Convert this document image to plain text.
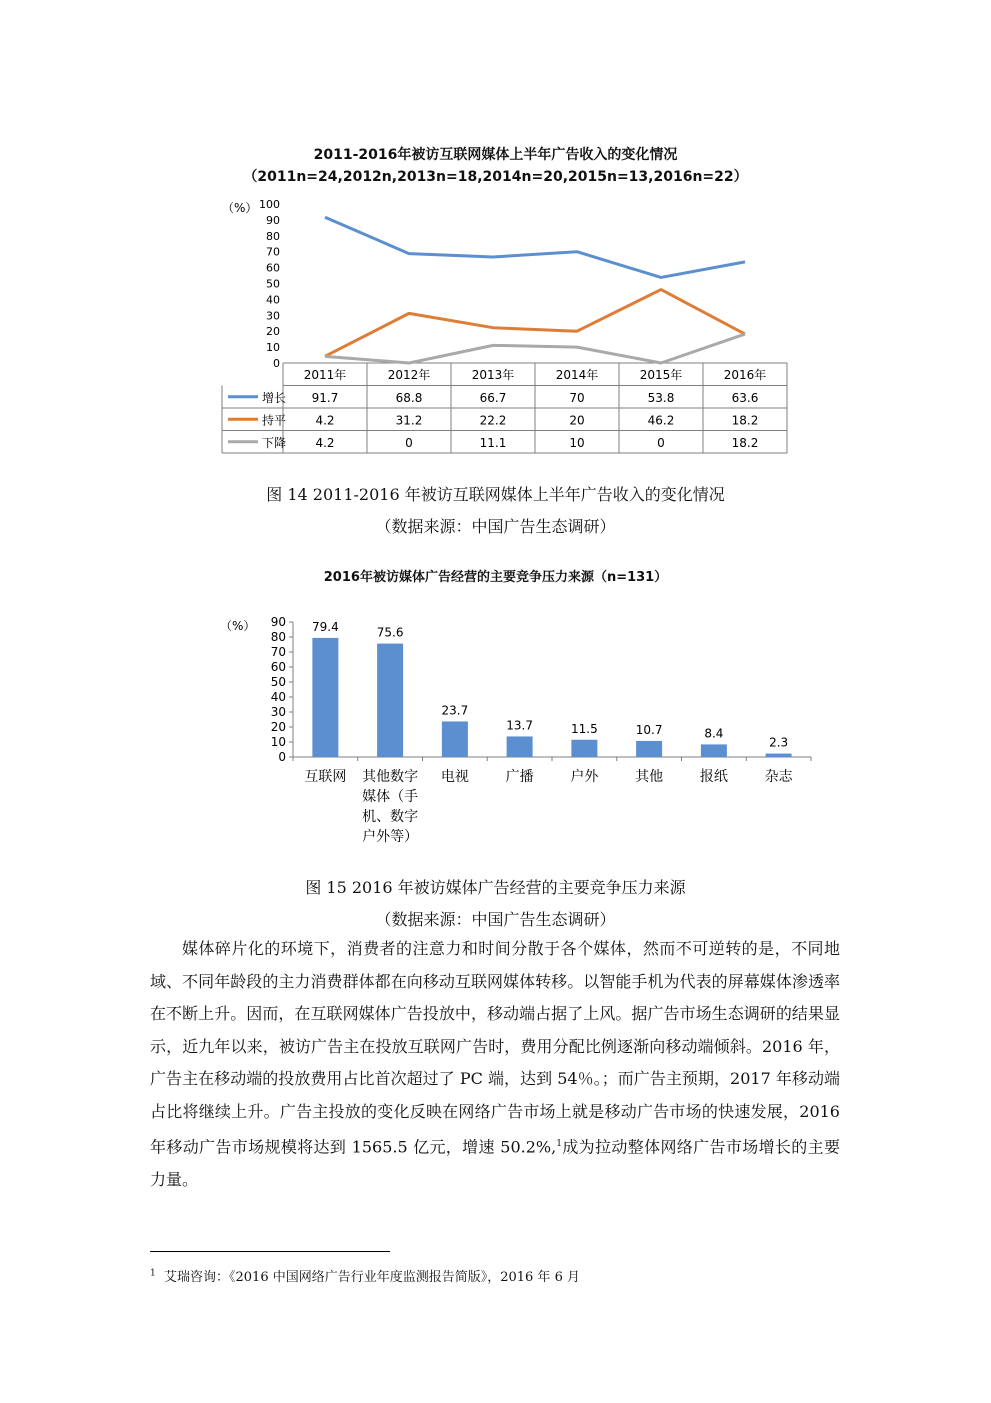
2011-2016年被访互联网媒体上半年广告收入的变化情况
（2011n=24,2012n,2013n=18,2014n=20,2015n=13,2016n=22）
（%）
0
10
20
30
40
50
60
70
80
90
100
2011年	2012年	2013年	2014年	2015年	2016年
增长 91.7	68.8	66.7	70	53.8	63.6
持平 4.2	31.2	22.2	20	46.2	18.2
下降 4.2	0	11.1	10	0	18.2
图 14 2011-2016 年被访互联网媒体上半年广告收入的变化情况
（数据来源：中国广告生态调研）
2016年被访媒体广告经营的主要竞争压力来源（n=131）
（%）
0
10
20
30
40
50
60
70
80
90 79.4
互联网
75.6
其他数字
媒体（手
机、数字
户外等）
23.7
电视
13.7
广播
11.5
户外
10.7
其他
8.4
报纸
2.3
杂志
图 15 2016 年被访媒体广告经营的主要竞争压力来源
（数据来源：中国广告生态调研）

媒体碎片化的环境下，消费者的注意力和时间分散于各个媒体，然而不可逆转的是，不同地域、不同年龄段的主力消费群体都在向移动互联网媒体转移。以智能手机为代表的屏幕媒体渗透率在不断上升。因而，在互联网媒体广告投放中，移动端占据了上风。据广告市场生态调研的结果显示，近九年以来，被访广告主在投放互联网广告时，费用分配比例逐渐向移动端倾斜。2016 年，广告主在移动端的投放费用占比首次超过了 PC 端，达到 54％。；而广告主预期，2017 年移动端占比将继续上升。广告主投放的变化反映在网络广告市场上就是移动广告市场的快速发展，2016 年移动广告市场规模将达到 1565.5 亿元，增速 50.2%,$^1$成为拉动整体网络广告市场增长的主要力量。

$^1$ 艾瑞咨询：《2016 中国网络广告行业年度监测报告简版》，2016 年 6 月
